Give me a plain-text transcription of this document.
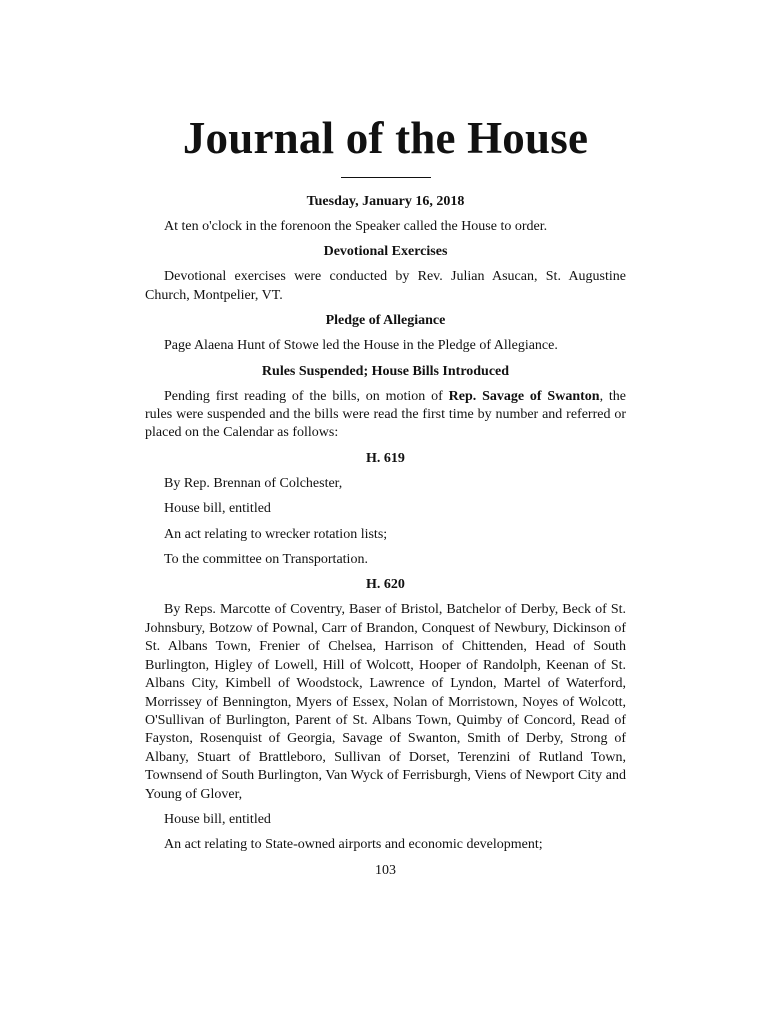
Journal of the House

Tuesday, January 16, 2018

At ten o'clock in the forenoon the Speaker called the House to order.

Devotional Exercises

Devotional exercises were conducted by Rev. Julian Asucan, St. Augustine Church, Montpelier, VT.

Pledge of Allegiance

Page Alaena Hunt of Stowe led the House in the Pledge of Allegiance.

Rules Suspended; House Bills Introduced

Pending first reading of the bills, on motion of Rep. Savage of Swanton, the rules were suspended and the bills were read the first time by number and referred or placed on the Calendar as follows:

H. 619

By Rep. Brennan of Colchester,

House bill, entitled

An act relating to wrecker rotation lists;

To the committee on Transportation.

H. 620

By Reps. Marcotte of Coventry, Baser of Bristol, Batchelor of Derby, Beck of St. Johnsbury, Botzow of Pownal, Carr of Brandon, Conquest of Newbury, Dickinson of St. Albans Town, Frenier of Chelsea, Harrison of Chittenden, Head of South Burlington, Higley of Lowell, Hill of Wolcott, Hooper of Randolph, Keenan of St. Albans City, Kimbell of Woodstock, Lawrence of Lyndon, Martel of Waterford, Morrissey of Bennington, Myers of Essex, Nolan of Morristown, Noyes of Wolcott, O'Sullivan of Burlington, Parent of St. Albans Town, Quimby of Concord, Read of Fayston, Rosenquist of Georgia, Savage of Swanton, Smith of Derby, Strong of Albany, Stuart of Brattleboro, Sullivan of Dorset, Terenzini of Rutland Town, Townsend of South Burlington, Van Wyck of Ferrisburgh, Viens of Newport City and Young of Glover,

House bill, entitled

An act relating to State-owned airports and economic development;

103
